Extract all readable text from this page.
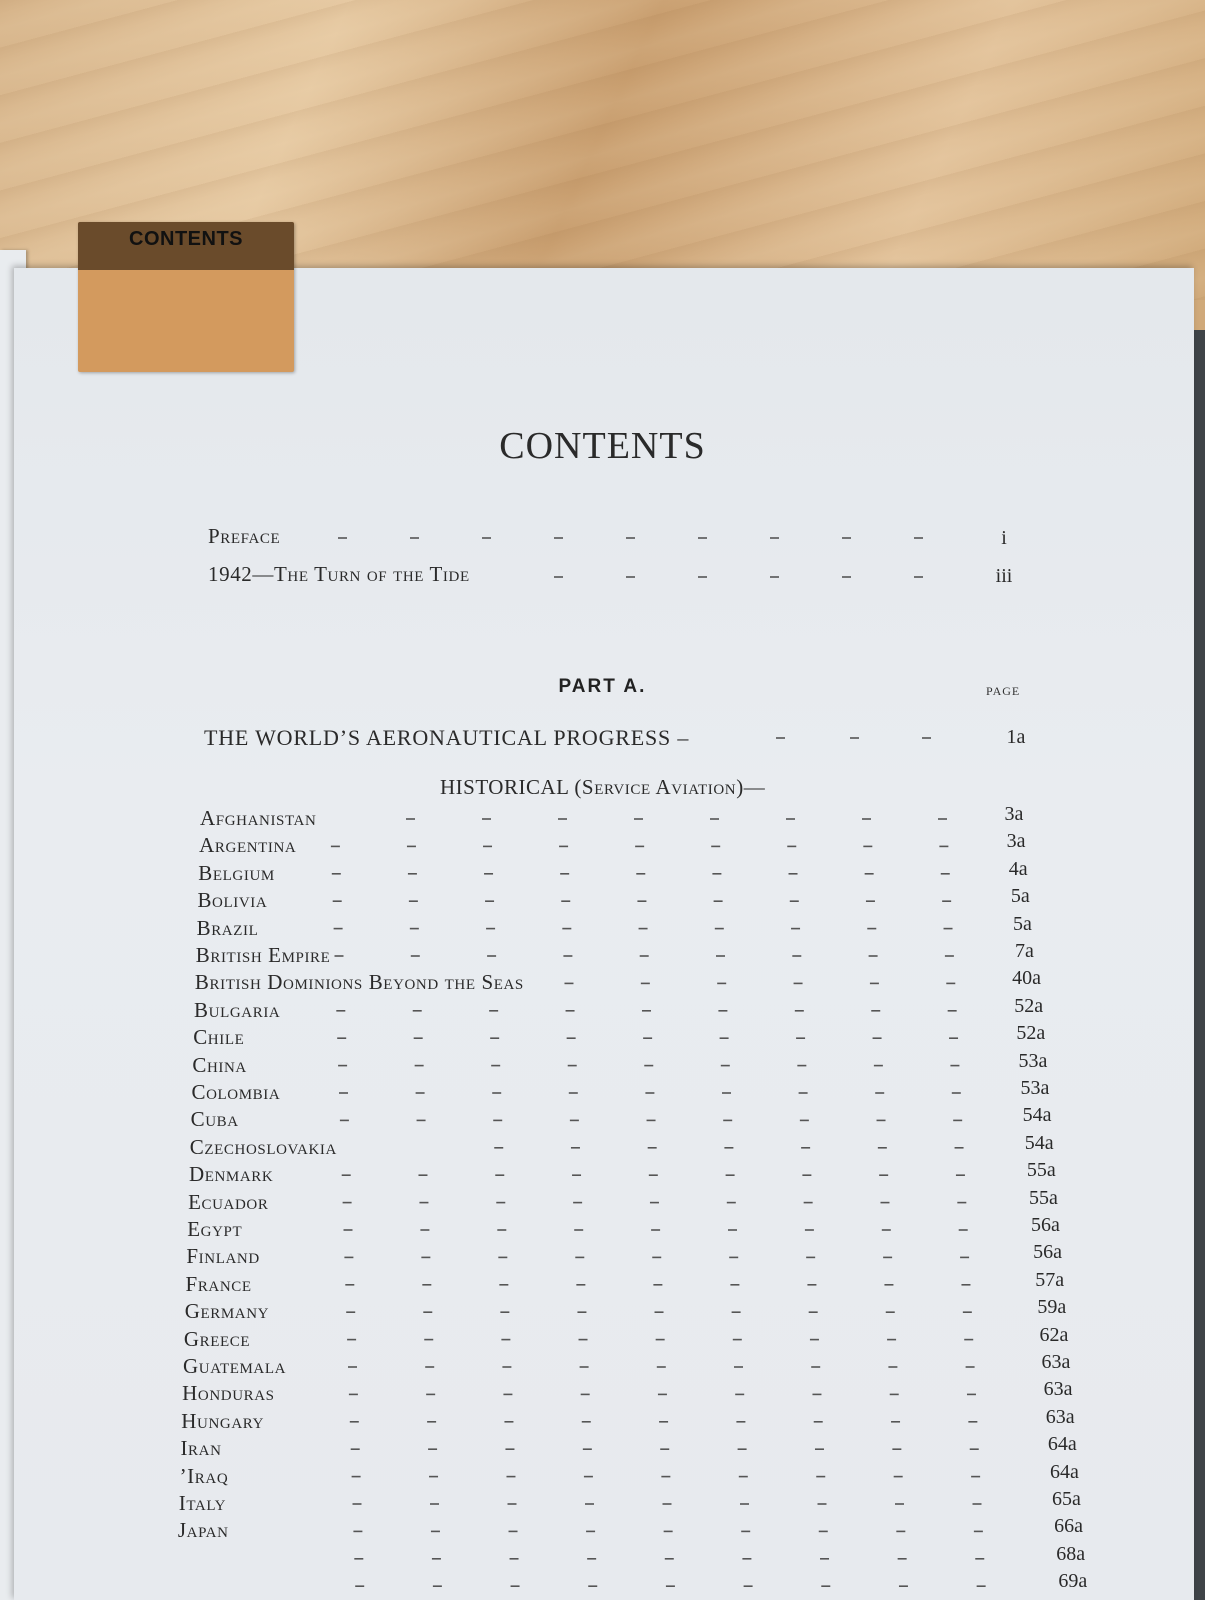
CONTENTS
CONTENTS
Preface	i
1942—The Turn of the Tide	iii
PART A.	PAGE
THE WORLD’S AERONAUTICAL PROGRESS –	1a
HISTORICAL (Service Aviation)—
Afghanistan	3a
Argentina	3a
Belgium	4a
Bolivia	5a
Brazil	5a
British Empire	7a
British Dominions Beyond the Seas	40a
Bulgaria	52a
Chile	52a
China	53a
Colombia	53a
Cuba	54a
Czechoslovakia	54a
Denmark	55a
Ecuador	55a
Egypt	56a
Finland	56a
France	57a
Germany	59a
Greece	62a
Guatemala	63a
Honduras	63a
Hungary	63a
Iran	64a
’Iraq	64a
Italy	65a
Japan	66a
68a
69a
